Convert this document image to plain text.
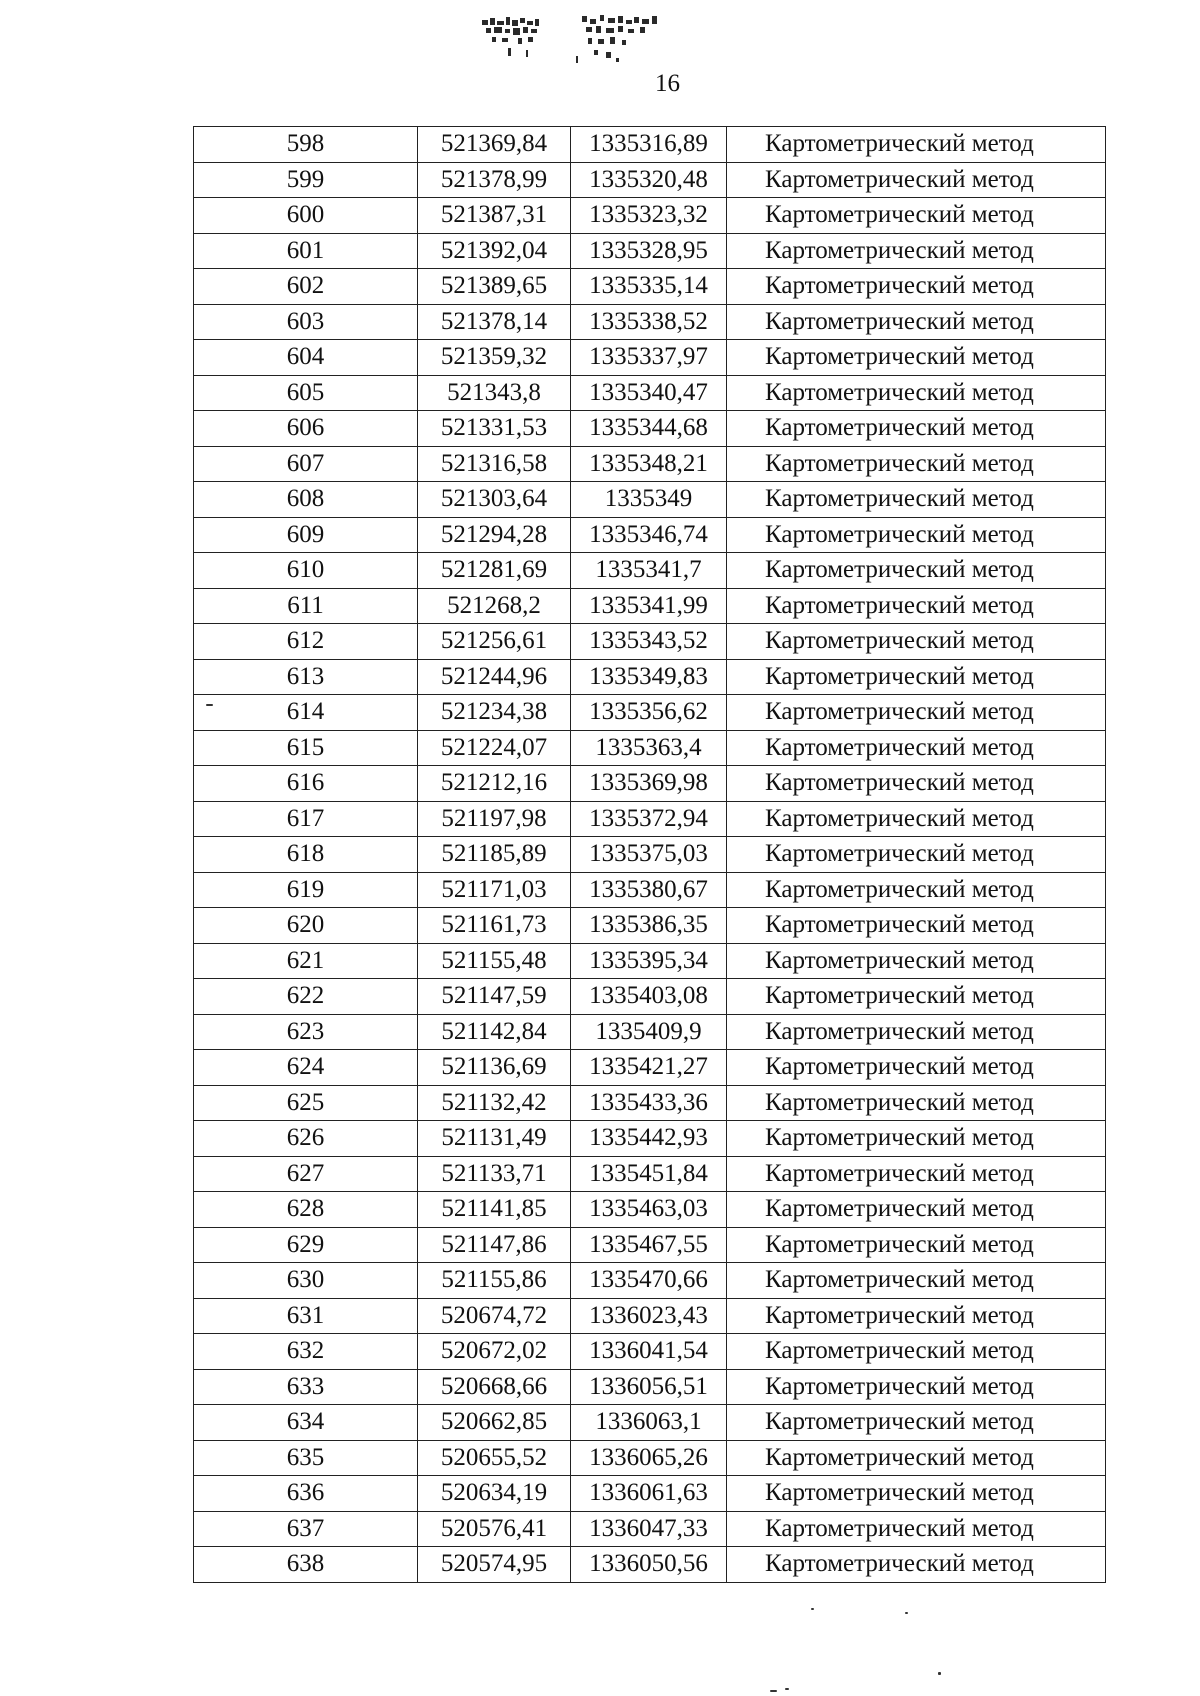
16
598	521369,84	1335316,89	Картометрический метод
599	521378,99	1335320,48	Картометрический метод
600	521387,31	1335323,32	Картометрический метод
601	521392,04	1335328,95	Картометрический метод
602	521389,65	1335335,14	Картометрический метод
603	521378,14	1335338,52	Картометрический метод
604	521359,32	1335337,97	Картометрический метод
605	521343,8	1335340,47	Картометрический метод
606	521331,53	1335344,68	Картометрический метод
607	521316,58	1335348,21	Картометрический метод
608	521303,64	1335349	Картометрический метод
609	521294,28	1335346,74	Картометрический метод
610	521281,69	1335341,7	Картометрический метод
611	521268,2	1335341,99	Картометрический метод
612	521256,61	1335343,52	Картометрический метод
613	521244,96	1335349,83	Картометрический метод
614	521234,38	1335356,62	Картометрический метод
615	521224,07	1335363,4	Картометрический метод
616	521212,16	1335369,98	Картометрический метод
617	521197,98	1335372,94	Картометрический метод
618	521185,89	1335375,03	Картометрический метод
619	521171,03	1335380,67	Картометрический метод
620	521161,73	1335386,35	Картометрический метод
621	521155,48	1335395,34	Картометрический метод
622	521147,59	1335403,08	Картометрический метод
623	521142,84	1335409,9	Картометрический метод
624	521136,69	1335421,27	Картометрический метод
625	521132,42	1335433,36	Картометрический метод
626	521131,49	1335442,93	Картометрический метод
627	521133,71	1335451,84	Картометрический метод
628	521141,85	1335463,03	Картометрический метод
629	521147,86	1335467,55	Картометрический метод
630	521155,86	1335470,66	Картометрический метод
631	520674,72	1336023,43	Картометрический метод
632	520672,02	1336041,54	Картометрический метод
633	520668,66	1336056,51	Картометрический метод
634	520662,85	1336063,1	Картометрический метод
635	520655,52	1336065,26	Картометрический метод
636	520634,19	1336061,63	Картометрический метод
637	520576,41	1336047,33	Картометрический метод
638	520574,95	1336050,56	Картометрический метод
